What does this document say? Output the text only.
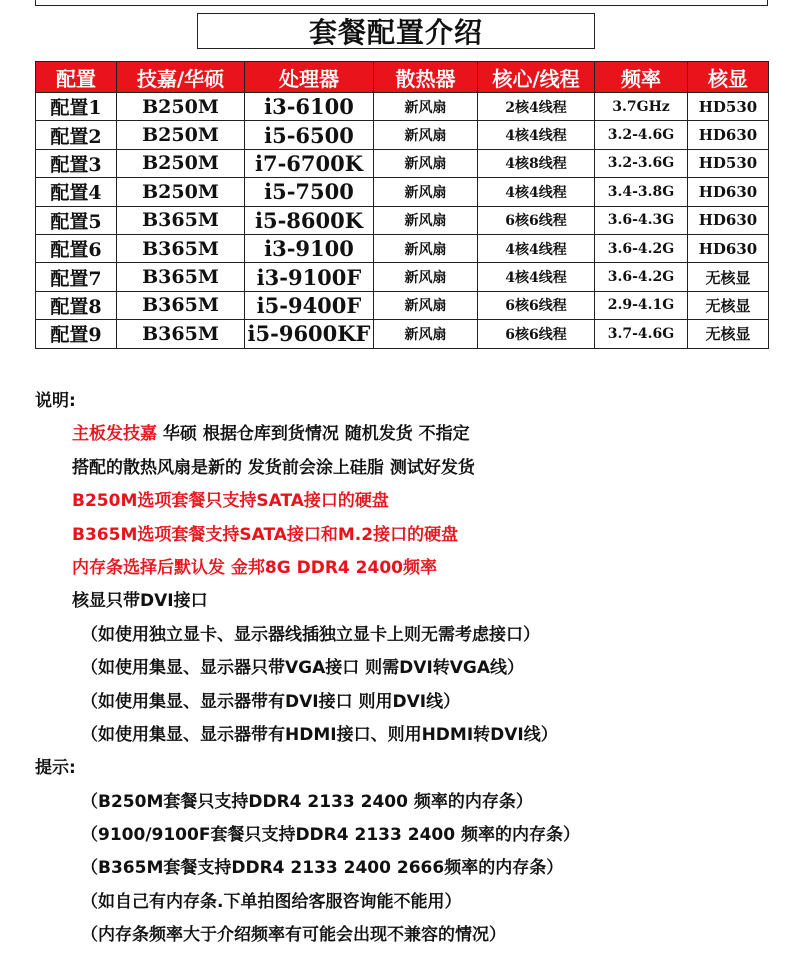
套餐配置介绍
配置	技嘉/华硕	处理器	散热器	核心/线程	频率	核显
配置1	B250M	i3-6100	新风扇	2核4线程	3.7GHz	HD530
配置2	B250M	i5-6500	新风扇	4核4线程	3.2-4.6G	HD630
配置3	B250M	i7-6700K	新风扇	4核8线程	3.2-3.6G	HD530
配置4	B250M	i5-7500	新风扇	4核4线程	3.4-3.8G	HD630
配置5	B365M	i5-8600K	新风扇	6核6线程	3.6-4.3G	HD630
配置6	B365M	i3-9100	新风扇	4核4线程	3.6-4.2G	HD630
配置7	B365M	i3-9100F	新风扇	4核4线程	3.6-4.2G	无核显
配置8	B365M	i5-9400F	新风扇	6核6线程	2.9-4.1G	无核显
配置9	B365M	i5-9600KF	新风扇	6核6线程	3.7-4.6G	无核显
说明:
主板发技嘉 华硕 根据仓库到货情况 随机发货 不指定
搭配的散热风扇是新的 发货前会涂上硅脂 测试好发货
B250M选项套餐只支持SATA接口的硬盘
B365M选项套餐支持SATA接口和M.2接口的硬盘
内存条选择后默认发 金邦8G DDR4 2400频率
核显只带DVI接口
（如使用独立显卡、显示器线插独立显卡上则无需考虑接口）
（如使用集显、显示器只带VGA接口 则需DVI转VGA线）
（如使用集显、显示器带有DVI接口 则用DVI线）
（如使用集显、显示器带有HDMI接口、则用HDMI转DVI线）
提示:
（B250M套餐只支持DDR4 2133 2400 频率的内存条）
（9100/9100F套餐只支持DDR4 2133 2400 频率的内存条）
（B365M套餐支持DDR4 2133 2400 2666频率的内存条）
（如自己有内存条.下单拍图给客服咨询能不能用）
（内存条频率大于介绍频率有可能会出现不兼容的情况）
